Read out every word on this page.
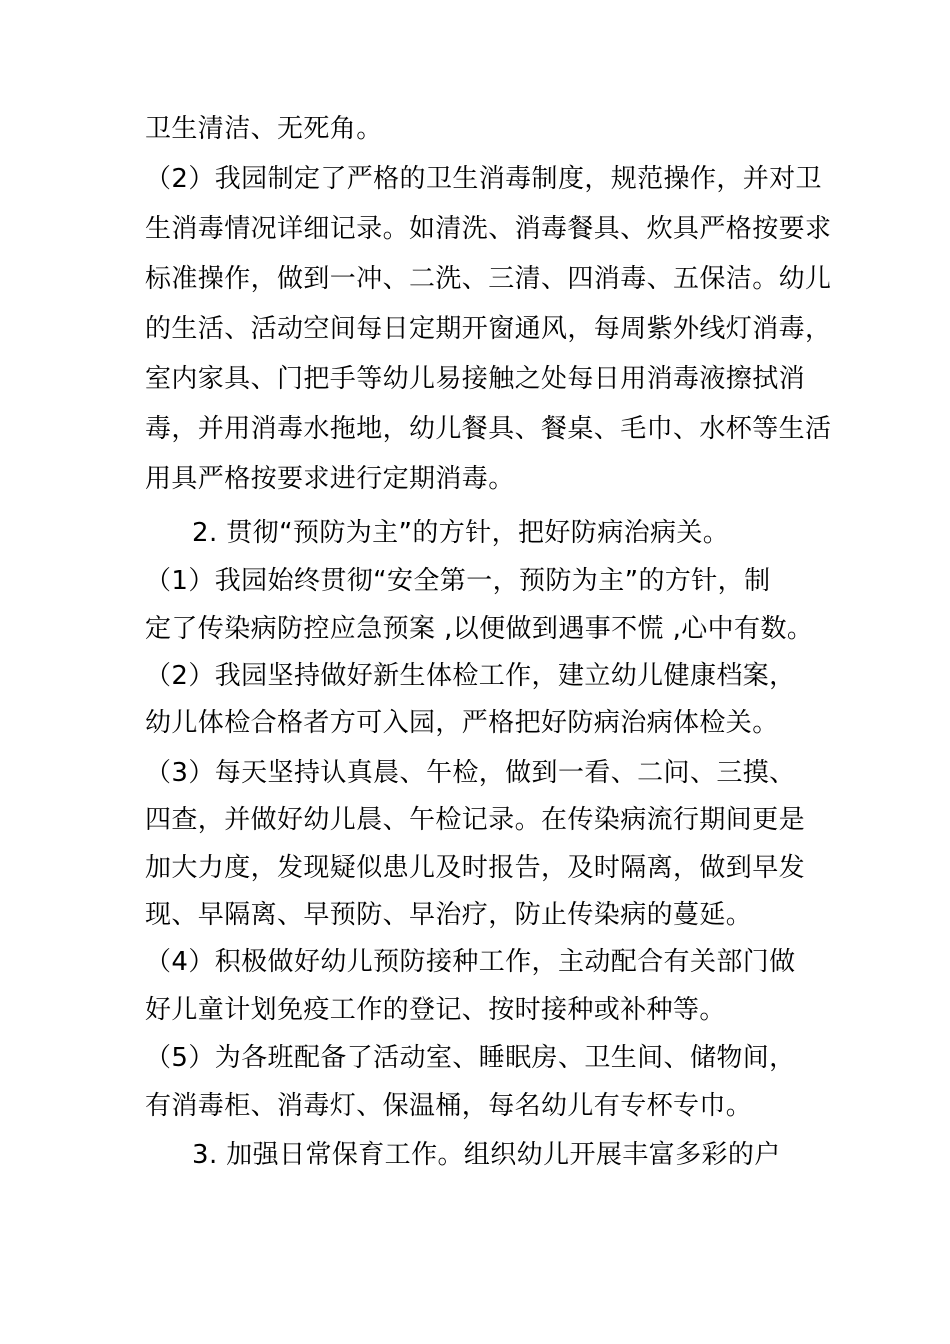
卫生清洁、无死角。
（2）我园制定了严格的卫生消毒制度，规范操作，并对卫
生消毒情况详细记录。如清洗、消毒餐具、炊具严格按要求
标准操作，做到一冲、二洗、三清、四消毒、五保洁。幼儿
的生活、活动空间每日定期开窗通风，每周紫外线灯消毒，
室内家具、门把手等幼儿易接触之处每日用消毒液擦拭消
毒，并用消毒水拖地，幼儿餐具、餐桌、毛巾、水杯等生活
用具严格按要求进行定期消毒。
2. 贯彻“预防为主”的方针，把好防病治病关。
（1）我园始终贯彻“安全第一，预防为主”的方针，制
定了传染病防控应急预案 ,以便做到遇事不慌 ,心中有数。
（2）我园坚持做好新生体检工作，建立幼儿健康档案，
幼儿体检合格者方可入园，严格把好防病治病体检关。
（3）每天坚持认真晨、午检，做到一看、二问、三摸、
四查，并做好幼儿晨、午检记录。在传染病流行期间更是
加大力度，发现疑似患儿及时报告，及时隔离，做到早发
现、早隔离、早预防、早治疗，防止传染病的蔓延。
（4）积极做好幼儿预防接种工作，主动配合有关部门做
好儿童计划免疫工作的登记、按时接种或补种等。
（5）为各班配备了活动室、睡眠房、卫生间、储物间，
有消毒柜、消毒灯、保温桶，每名幼儿有专杯专巾。
3. 加强日常保育工作。组织幼儿开展丰富多彩的户
